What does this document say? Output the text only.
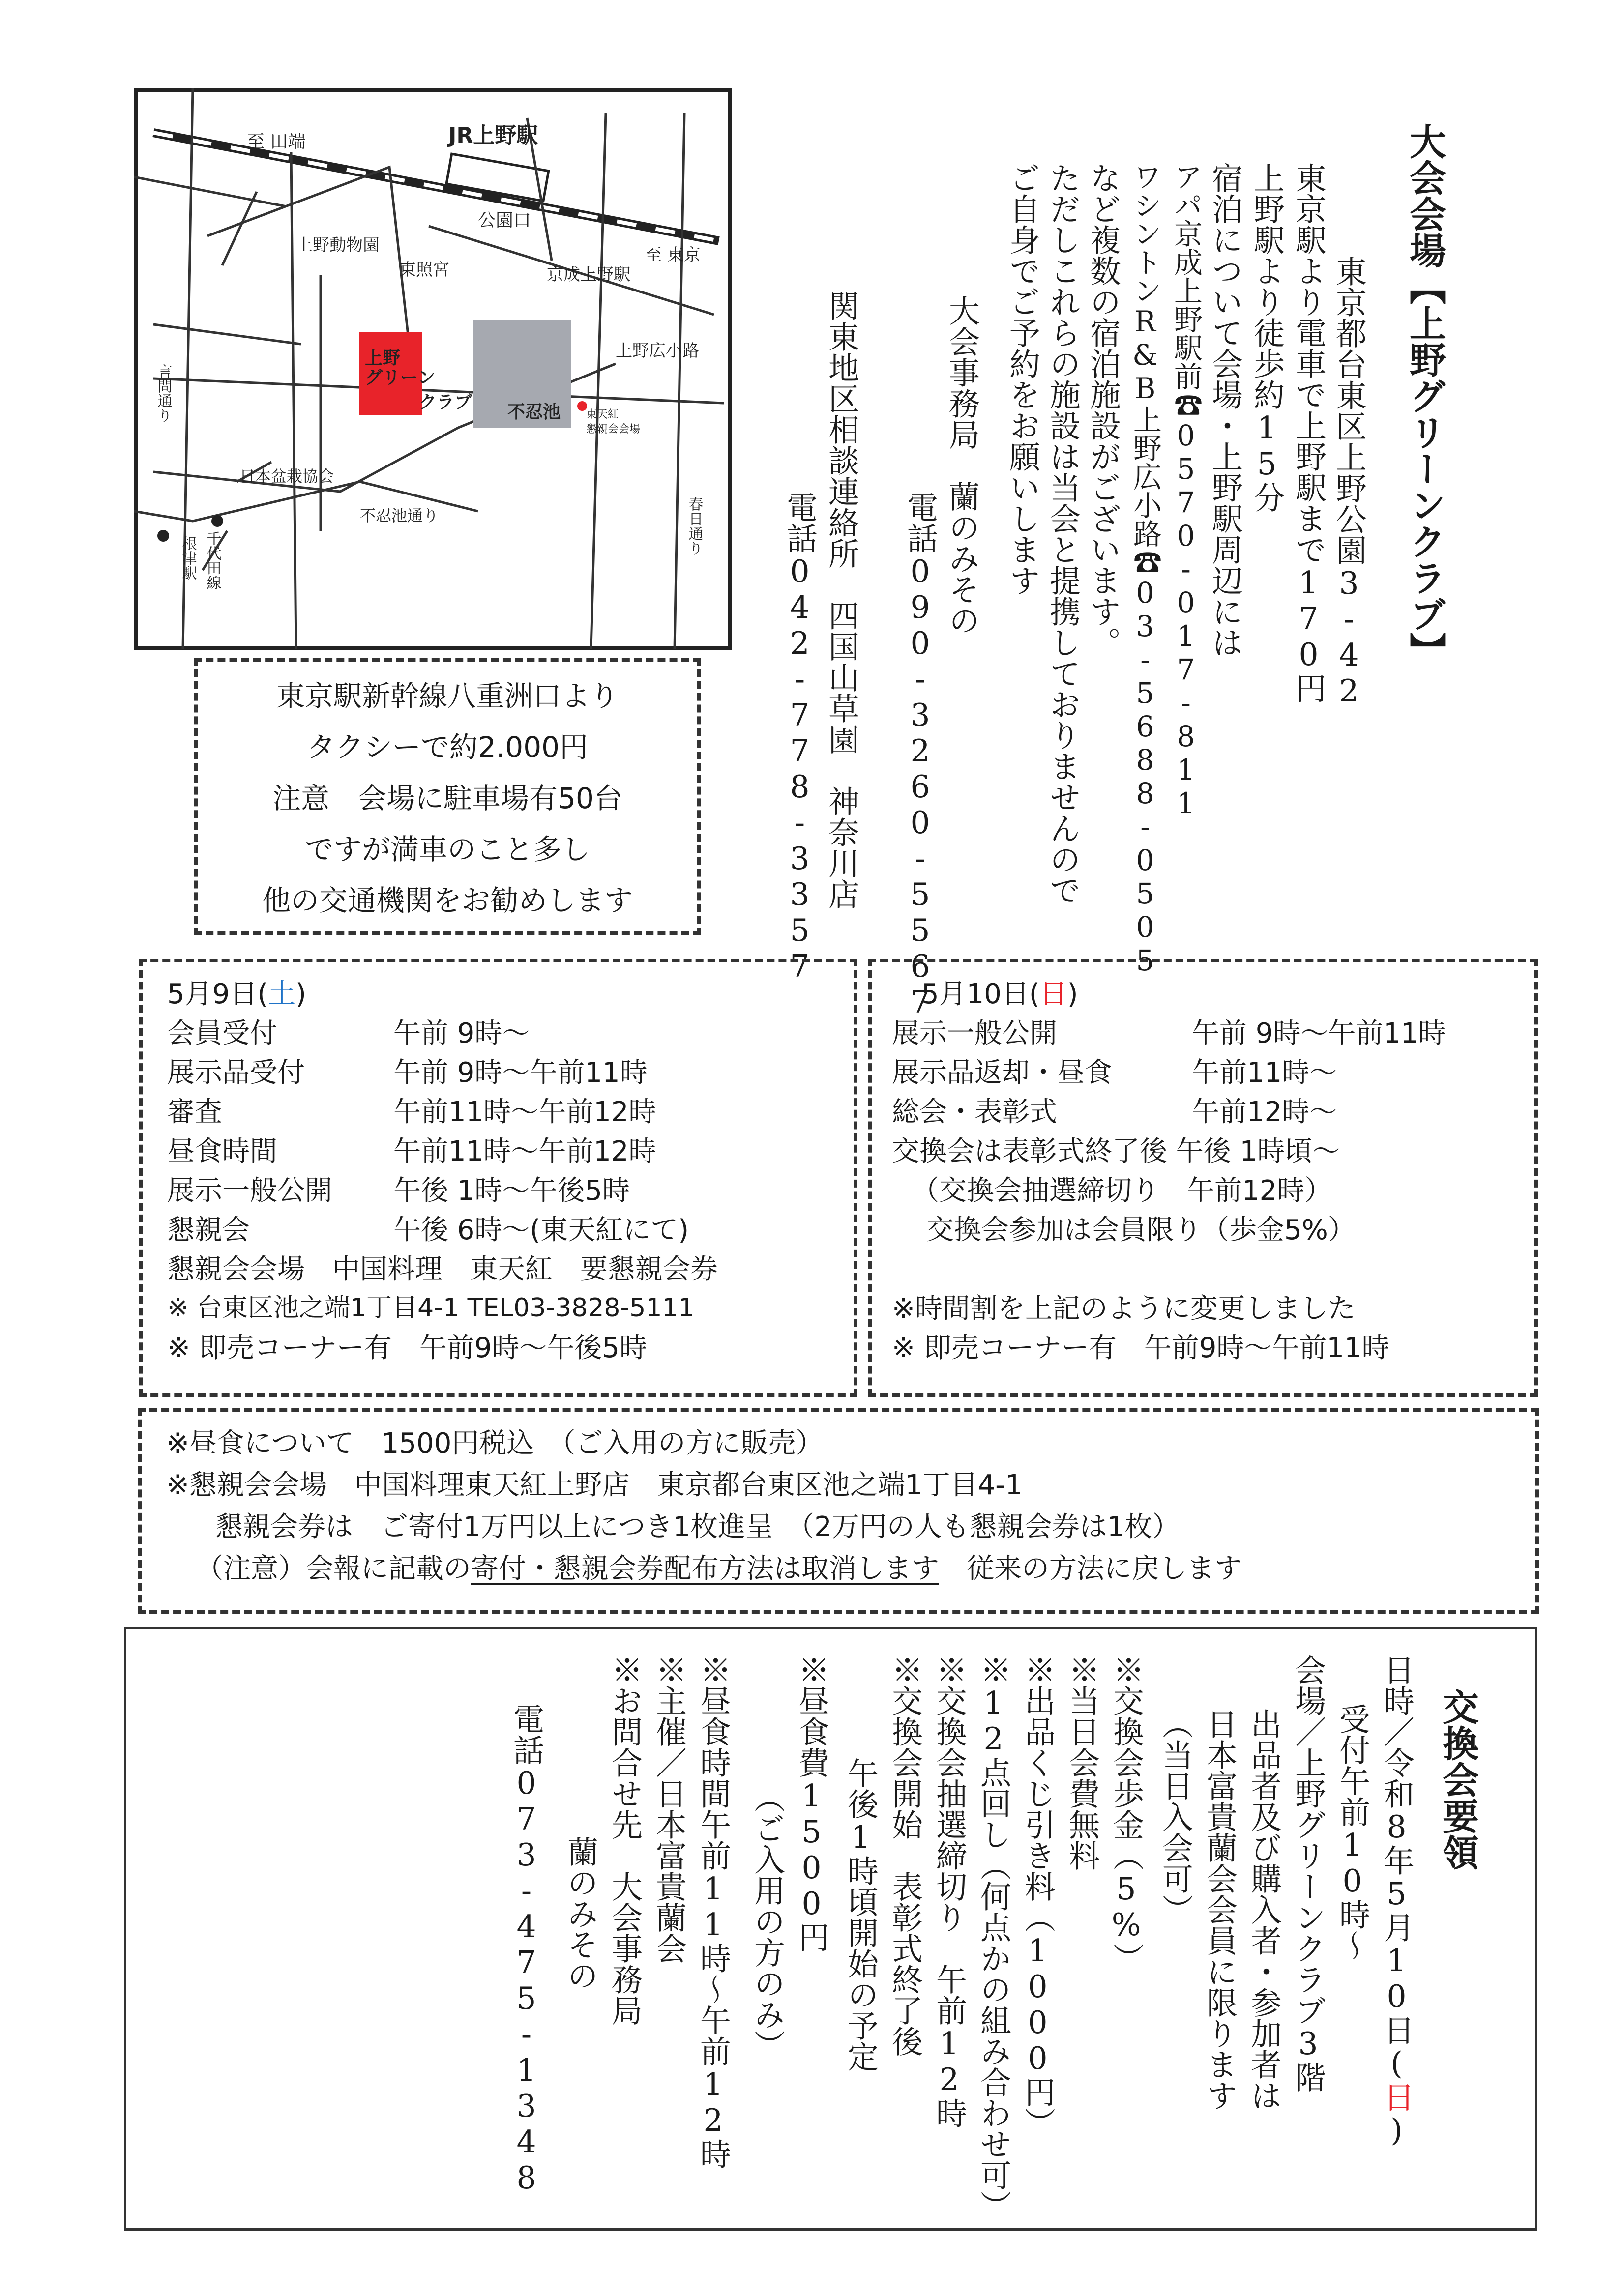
至 田端	JR上野駅
公園口
至 東京
上野動物園
東照宮	京成上野駅
上野広小路
上野
グリーン
クラブ 不忍池 東天紅
懇親会会場
日本盆栽協会
不忍池通り
言問通り
春日通り
根津駅 千代田線
東京駅新幹線八重洲口より
タクシーで約2.000円
注意　会場に駐車場有50台
ですが満車のこと多し
他の交通機関をお勧めします
大会会場【上野グリーンクラブ】
東京都台東区上野公園3-42
東京駅より電車で上野駅まで170円
上野駅より徒歩約15分
宿泊について会場・上野駅周辺には
アパ京成上野駅前☎0570-017-811
ワシントンR&B上野広小路☎03-5688-0505
など複数の宿泊施設がございます。
ただしこれらの施設は当会と提携しておりませんので
ご自身でご予約をお願いします
大会事務局　蘭のみその
電話090-3260-5567
関東地区相談連絡所　四国山草園　神奈川店
電話042-778-3357
5月9日(土)
会員受付	午前 9時～
展示品受付	午前 9時～午前11時
審査	午前11時～午前12時
昼食時間	午前11時～午前12時
展示一般公開 午後 1時～午後5時
懇親会	午後 6時～(東天紅にて)
懇親会会場　中国料理　東天紅　要懇親会券
※ 台東区池之端1丁目4-1 TEL03-3828-5111
※ 即売コーナー有　午前9時～午後5時
5月10日(日)
展示一般公開	午前 9時～午前11時
展示品返却・昼食	午前11時～
総会・表彰式	午前12時～
交換会は表彰式終了後 午後 1時頃～
（交換会抽選締切り　午前12時）
交換会参加は会員限り（歩金5%）
※時間割を上記のように変更しました
※ 即売コーナー有　午前9時～午前11時
※昼食について　1500円税込　（ご入用の方に販売）
※懇親会会場　中国料理東天紅上野店　東京都台東区池之端1丁目4-1
懇親会券は　ご寄付1万円以上につき1枚進呈　（2万円の人も懇親会券は1枚）
（注意）会報に記載の寄付・懇親会券配布方法は取消します　従来の方法に戻します
交換会要領
日時／令和8年5月10日(日)
受付午前10時～
会場／上野グリーンクラブ3階
出品者及び購入者・参加者は
日本富貴蘭会会員に限ります
（当日入会可）
※交換会歩金（5%）
※当日会費無料
※出品くじ引き料（1000円）
※12点回し（何点かの組み合わせ可）
※交換会抽選締切り　午前12時
※交換会開始　表彰式終了後
午後1時頃開始の予定
※昼食費1500円
（ご入用の方のみ）
※昼食時間午前11時～午前12時
※主催／日本富貴蘭会
※お問合せ先　大会事務局
蘭のみその
電話073-475-1348
